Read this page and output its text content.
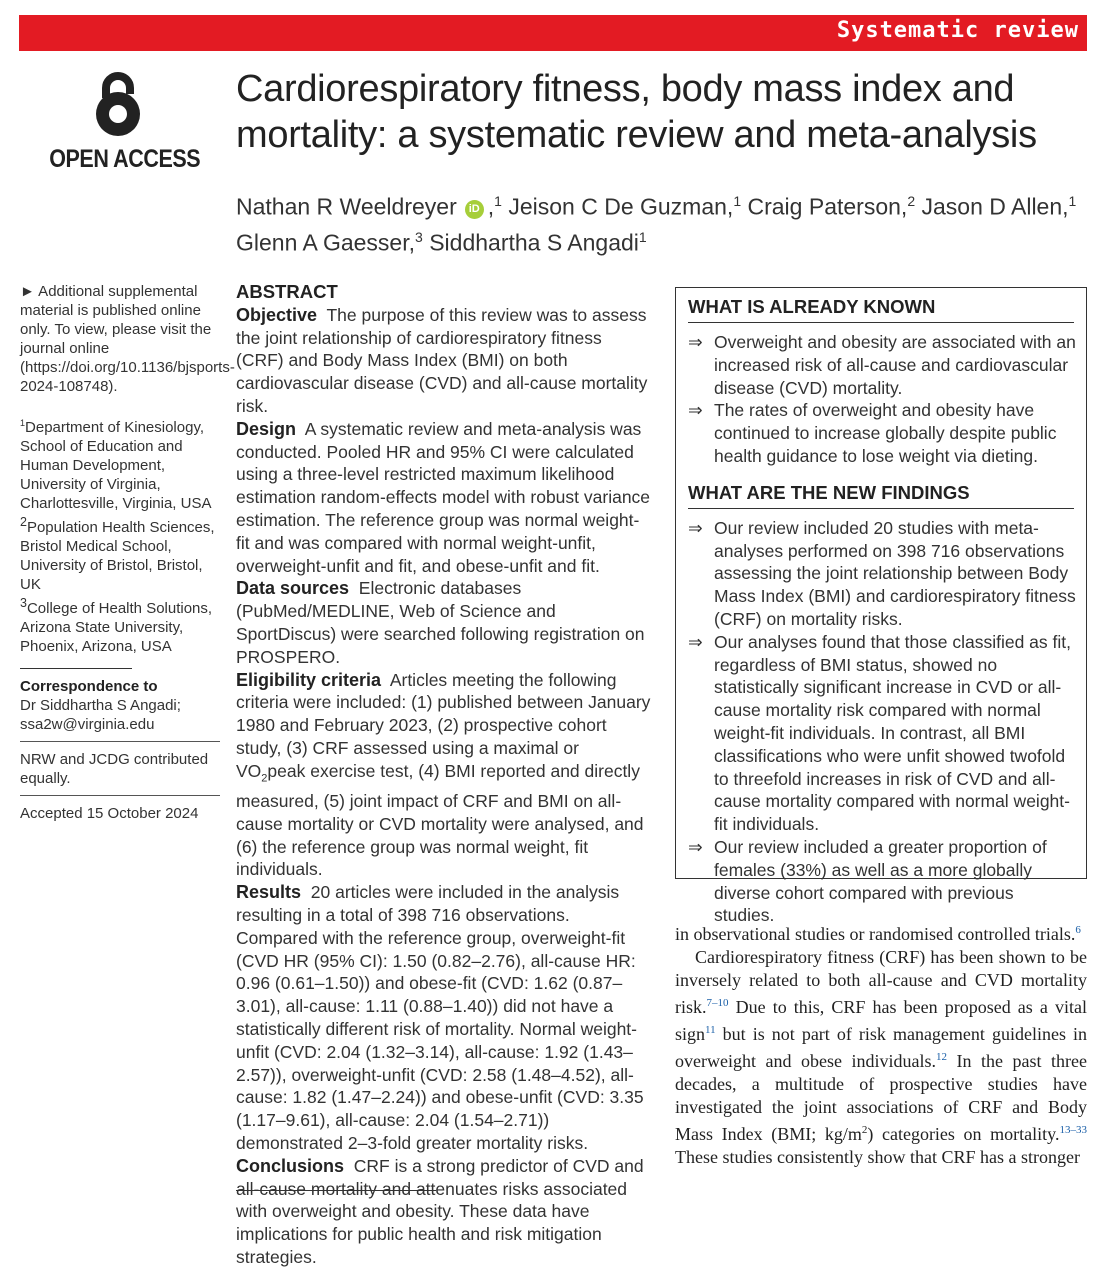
Systematic review
OPEN ACCESS
Cardiorespiratory fitness, body mass index and mortality: a systematic review and meta-analysis
Nathan R Weeldreyer iD ,$^1$ Jeison C De Guzman,$^1$ Craig Paterson,$^2$ Jason D Allen,$^1$
Glenn A Gaesser,$^3$ Siddhartha S Angadi$^1$

► Additional supplemental material is published online only. To view, please visit the journal online (https://doi.org/10.1136/bjsports-2024-108748).

$^1$Department of Kinesiology, School of Education and Human Development, University of Virginia, Charlottesville, Virginia, USA

$^2$Population Health Sciences, Bristol Medical School, University of Bristol, Bristol, UK

$^3$College of Health Solutions, Arizona State University, Phoenix, Arizona, USA

Correspondence to

Dr Siddhartha S Angadi;

ssa2w@virginia.edu

NRW and JCDG contributed equally.

Accepted 15 October 2024

ABSTRACT

Objective The purpose of this review was to assess the joint relationship of cardiorespiratory fitness (CRF) and Body Mass Index (BMI) on both cardiovascular disease (CVD) and all-cause mortality risk.

Design A systematic review and meta-analysis was conducted. Pooled HR and 95% CI were calculated using a three-level restricted maximum likelihood estimation random-effects model with robust variance estimation. The reference group was normal weight-fit and was compared with normal weight-unfit, overweight-unfit and fit, and obese-unfit and fit.

Data sources Electronic databases (PubMed/MEDLINE, Web of Science and SportDiscus) were searched following registration on PROSPERO.

Eligibility criteria Articles meeting the following criteria were included: (1) published between January 1980 and February 2023, (2) prospective cohort study, (3) CRF assessed using a maximal or $VO_2peak$ exercise test, (4) BMI reported and directly measured, (5) joint impact of CRF and BMI on all-cause mortality or CVD mortality were analysed, and (6) the reference group was normal weight, fit individuals.

Results 20 articles were included in the analysis resulting in a total of 398 716 observations. Compared with the reference group, overweight-fit (CVD HR (95% CI): 1.50 (0.82–2.76), all-cause HR: 0.96 (0.61–1.50)) and obese-fit (CVD: 1.62 (0.87–3.01), all-cause: 1.11 (0.88–1.40)) did not have a statistically different risk of mortality. Normal weight-unfit (CVD: 2.04 (1.32–3.14), all-cause: 1.92 (1.43–2.57)), overweight-unfit (CVD: 2.58 (1.48–4.52), all-cause: 1.82 (1.47–2.24)) and obese-unfit (CVD: 3.35 (1.17–9.61), all-cause: 2.04 (1.54–2.71)) demonstrated 2–3-fold greater mortality risks.

Conclusions CRF is a strong predictor of CVD and all-cause mortality and attenuates risks associated with overweight and obesity. These data have implications for public health and risk mitigation strategies.

WHAT IS ALREADY KNOWN
⇒ Overweight and obesity are associated with an increased risk of all-cause and cardiovascular disease (CVD) mortality.
⇒ The rates of overweight and obesity have continued to increase globally despite public health guidance to lose weight via dieting.
WHAT ARE THE NEW FINDINGS
⇒ Our review included 20 studies with meta-analyses performed on 398 716 observations assessing the joint relationship between Body Mass Index (BMI) and cardiorespiratory fitness (CRF) on mortality risks.
⇒ Our analyses found that those classified as fit, regardless of BMI status, showed no statistically significant increase in CVD or all-cause mortality risk compared with normal weight-fit individuals. In contrast, all BMI classifications who were unfit showed twofold to threefold increases in risk of CVD and all-cause mortality compared with normal weight-fit individuals.
⇒ Our review included a greater proportion of females (33%) as well as a more globally diverse cohort compared with previous studies.

in observational studies or randomised controlled trials.$^6$

Cardiorespiratory fitness (CRF) has been shown to be inversely related to both all-cause and CVD mortality risk.$^{7-10}$ Due to this, CRF has been proposed as a vital sign$^{11}$ but is not part of risk management guidelines in overweight and obese individuals.$^{12}$ In the past three decades, a multitude of prospective studies have investigated the joint associations of CRF and Body Mass Index (BMI; $kg/m^2$) categories on mortality.$^{13-33}$ These studies consistently show that CRF has a stronger
